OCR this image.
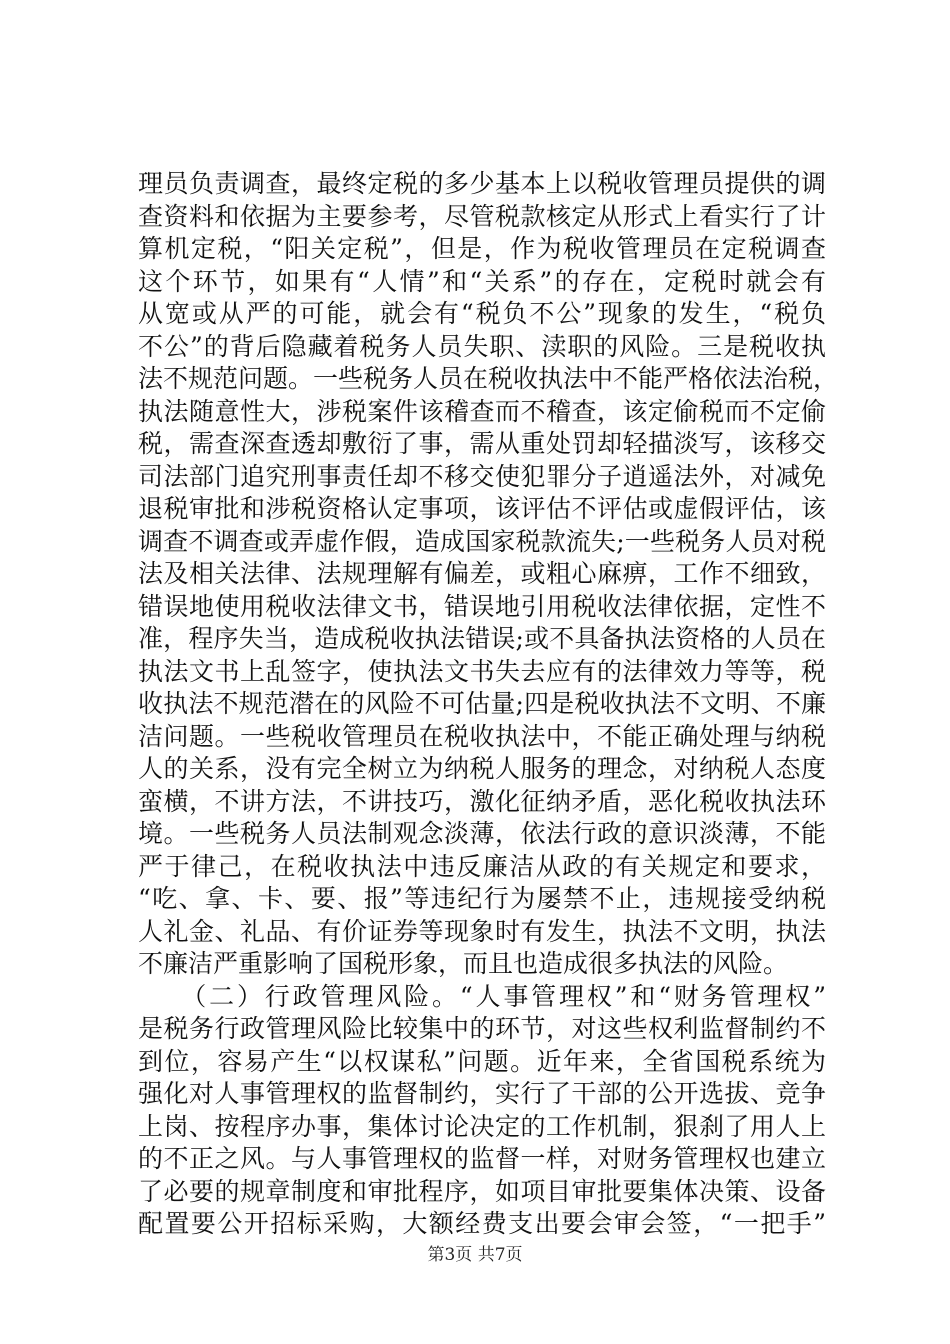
理员负责调查，最终定税的多少基本上以税收管理员提供的调
查资料和依据为主要参考，尽管税款核定从形式上看实行了计
算机定税，“阳关定税”，但是，作为税收管理员在定税调查
这个环节，如果有“人情”和“关系”的存在，定税时就会有
从宽或从严的可能，就会有“税负不公”现象的发生，“税负
不公”的背后隐藏着税务人员失职、渎职的风险。三是税收执
法不规范问题。一些税务人员在税收执法中不能严格依法治税，
执法随意性大，涉税案件该稽查而不稽查，该定偷税而不定偷
税，需查深查透却敷衍了事，需从重处罚却轻描淡写，该移交
司法部门追究刑事责任却不移交使犯罪分子逍遥法外，对减免
退税审批和涉税资格认定事项，该评估不评估或虚假评估，该
调查不调查或弄虚作假，造成国家税款流失;一些税务人员对税
法及相关法律、法规理解有偏差，或粗心麻痹，工作不细致，
错误地使用税收法律文书，错误地引用税收法律依据，定性不
准，程序失当，造成税收执法错误;或不具备执法资格的人员在
执法文书上乱签字，使执法文书失去应有的法律效力等等，税
收执法不规范潜在的风险不可估量;四是税收执法不文明、不廉
洁问题。一些税收管理员在税收执法中，不能正确处理与纳税
人的关系，没有完全树立为纳税人服务的理念，对纳税人态度
蛮横，不讲方法，不讲技巧，激化征纳矛盾，恶化税收执法环
境。一些税务人员法制观念淡薄，依法行政的意识淡薄，不能
严于律己，在税收执法中违反廉洁从政的有关规定和要求，
“吃、拿、卡、要、报”等违纪行为屡禁不止，违规接受纳税
人礼金、礼品、有价证券等现象时有发生，执法不文明，执法
不廉洁严重影响了国税形象，而且也造成很多执法的风险。
　　（二）行政管理风险。“人事管理权”和“财务管理权”
是税务行政管理风险比较集中的环节，对这些权利监督制约不
到位，容易产生“以权谋私”问题。近年来，全省国税系统为
强化对人事管理权的监督制约，实行了干部的公开选拔、竞争
上岗、按程序办事，集体讨论决定的工作机制，狠刹了用人上
的不正之风。与人事管理权的监督一样，对财务管理权也建立
了必要的规章制度和审批程序，如项目审批要集体决策、设备
配置要公开招标采购，大额经费支出要会审会签，“一把手”
第3页 共7页
